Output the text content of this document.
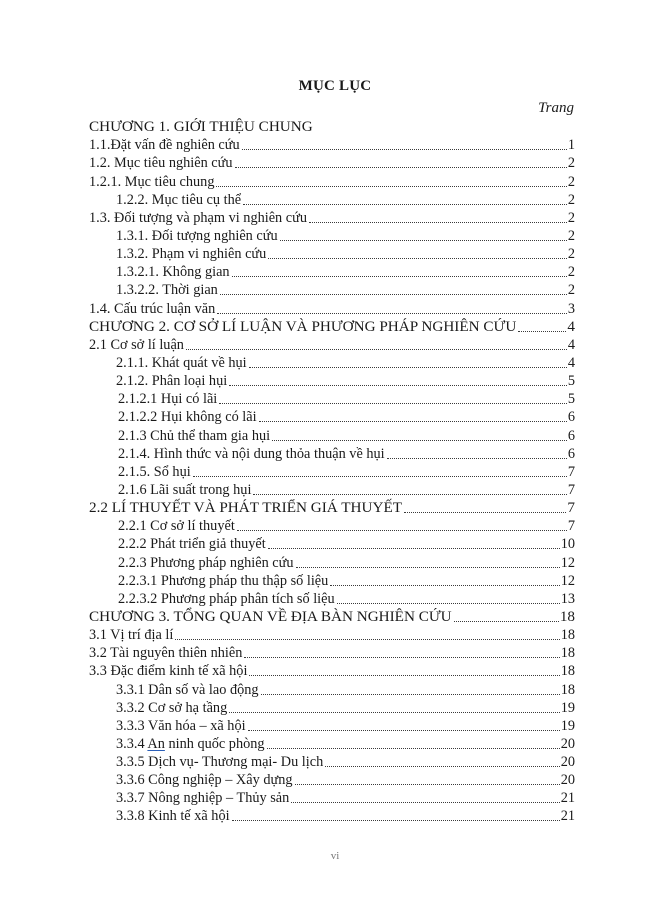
MỤC LỤC
Trang
CHƯƠNG 1. GIỚI THIỆU CHUNG
1.1.Đặt vấn đề nghiên cứu	1
1.2. Mục tiêu nghiên cứu	2
1.2.1. Mục tiêu chung	2
1.2.2. Mục tiêu cụ thể	2
1.3. Đối tượng và phạm vi nghiên cứu	2
1.3.1. Đối tượng nghiên cứu	2
1.3.2. Phạm vi nghiên cứu	2
1.3.2.1. Không gian	2
1.3.2.2. Thời gian	2
1.4. Cấu trúc luận văn	3
CHƯƠNG 2. CƠ SỞ LÍ LUẬN VÀ PHƯƠNG PHÁP NGHIÊN CỨU	4
2.1 Cơ sở lí luận	4
2.1.1. Khát quát về hụi	4
2.1.2. Phân loại hụi	5
2.1.2.1 Hụi có lãi	5
2.1.2.2 Hụi không có lãi	6
2.1.3 Chủ thể tham gia hụi	6
2.1.4. Hình thức và nội dung thỏa thuận về hụi	6
2.1.5. Sổ hụi	7
2.1.6 Lãi suất trong hụi	7
2.2 LÍ THUYẾT VÀ PHÁT TRIỂN GIÁ THUYẾT	7
2.2.1 Cơ sở lí thuyết	7
2.2.2 Phát triển giả thuyết	10
2.2.3 Phương pháp nghiên cứu	12
2.2.3.1 Phương pháp thu thập số liệu	12
2.2.3.2 Phương pháp phân tích số liệu	13
CHƯƠNG 3. TỔNG QUAN VỀ ĐỊA BÀN NGHIÊN CỨU	18
3.1 Vị trí địa lí	18
3.2 Tài nguyên thiên nhiên	18
3.3 Đặc điểm kinh tế xã hội	18
3.3.1 Dân số và lao động	18
3.3.2 Cơ sở hạ tầng	19
3.3.3 Văn hóa – xã hội	19
3.3.4 An ninh quốc phòng	20
3.3.5 Dịch vụ- Thương mại- Du lịch	20
3.3.6 Công nghiệp – Xây dựng	20
3.3.7 Nông nghiệp – Thủy sản	21
3.3.8 Kinh tế xã hội	21
vi
